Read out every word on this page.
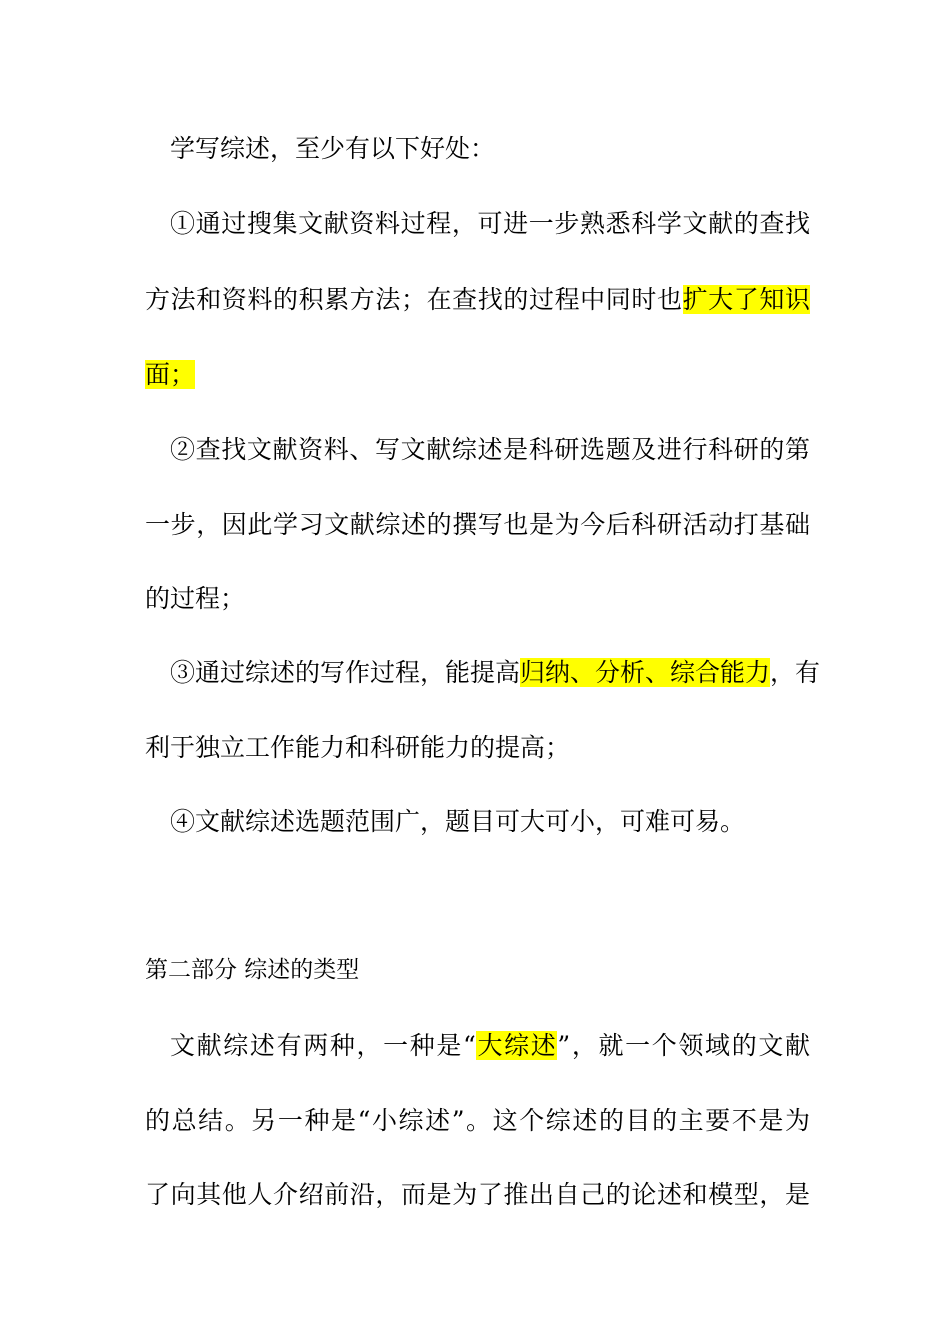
学写综述，至少有以下好处：
①通过搜集文献资料过程，可进一步熟悉科学文献的查找
方法和资料的积累方法；在查找的过程中同时也扩大了知识
面；
②查找文献资料、写文献综述是科研选题及进行科研的第
一步，因此学习文献综述的撰写也是为今后科研活动打基础
的过程；
③通过综述的写作过程，能提高归纳、分析、综合能力，有
利于独立工作能力和科研能力的提高；
④文献综述选题范围广，题目可大可小，可难可易。
第二部分 综述的类型
文献综述有两种，一种是“大综述”，就一个领域的文献
的总结。另一种是“小综述”。这个综述的目的主要不是为
了向其他人介绍前沿，而是为了推出自己的论述和模型，是
